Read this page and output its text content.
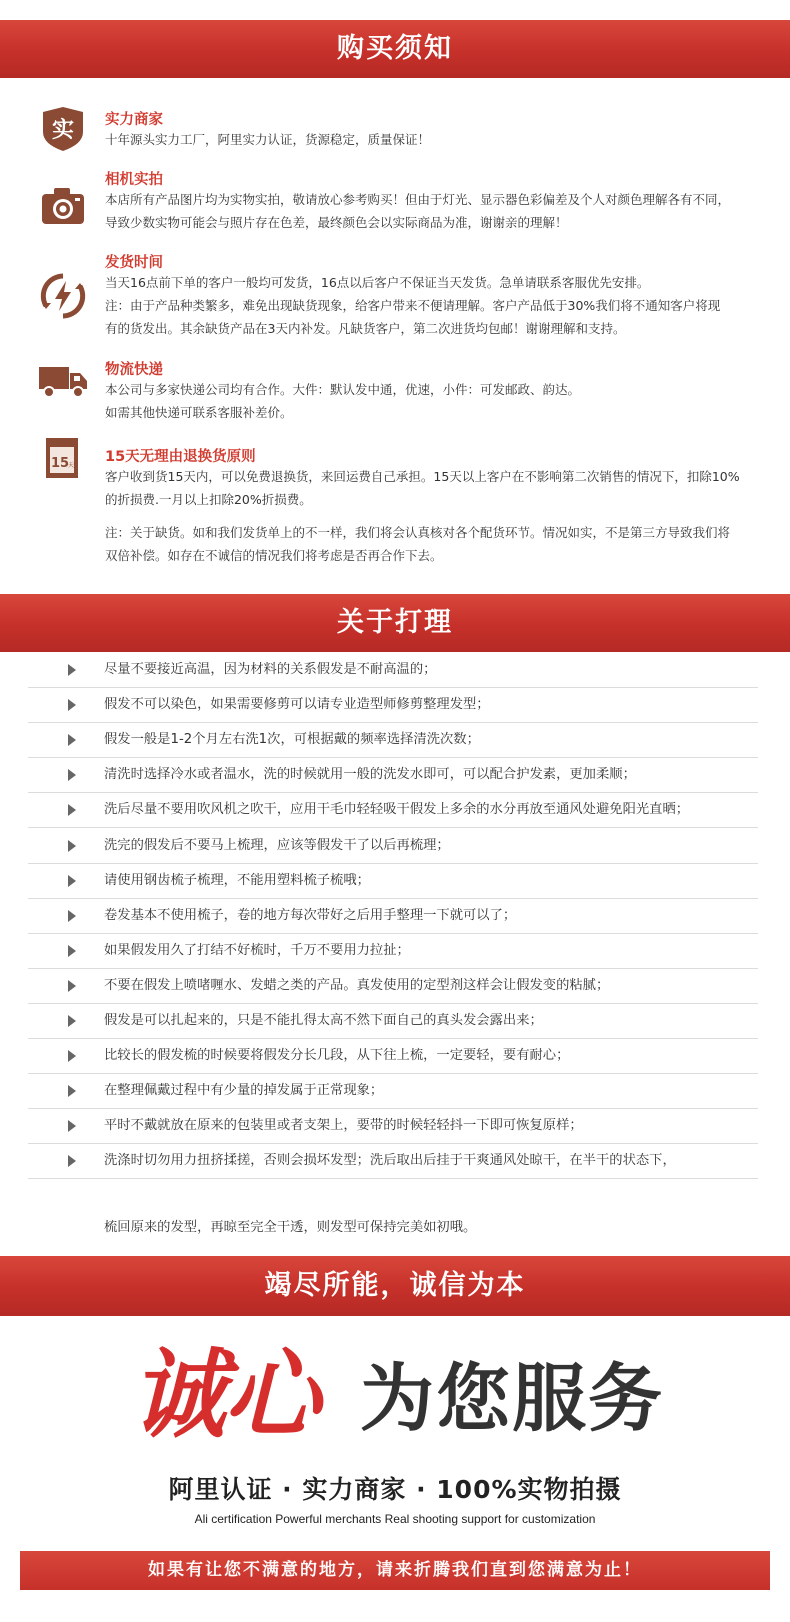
购买须知
实 实力商家
十年源头实力工厂，阿里实力认证，货源稳定，质量保证！
相机实拍
本店所有产品图片均为实物实拍，敬请放心参考购买！但由于灯光、显示器色彩偏差及个人对颜色理解各有不同，
导致少数实物可能会与照片存在色差，最终颜色会以实际商品为准，谢谢亲的理解！
发货时间
当天16点前下单的客户一般均可发货，16点以后客户不保证当天发货。急单请联系客服优先安排。
注：由于产品种类繁多，难免出现缺货现象，给客户带来不便请理解。客户产品低于30%我们将不通知客户将现
有的货发出。其余缺货产品在3天内补发。凡缺货客户，第二次进货均包邮！谢谢理解和支持。
物流快递
本公司与多家快递公司均有合作。大件：默认发中通，优速，小件：可发邮政、韵达。
如需其他快递可联系客服补差价。
15
天
15天无理由退换货原则
客户收到货15天内，可以免费退换货，来回运费自己承担。15天以上客户在不影响第二次销售的情况下，扣除10%
的折损费.一月以上扣除20%折损费。
注：关于缺货。如和我们发货单上的不一样，我们将会认真核对各个配货环节。情况如实，不是第三方导致我们将
双倍补偿。如存在不诚信的情况我们将考虑是否再合作下去。
关于打理
尽量不要接近高温，因为材料的关系假发是不耐高温的；
假发不可以染色，如果需要修剪可以请专业造型师修剪整理发型；
假发一般是1-2个月左右洗1次，可根据戴的频率选择清洗次数；
清洗时选择冷水或者温水，洗的时候就用一般的洗发水即可，可以配合护发素，更加柔顺；
洗后尽量不要用吹风机之吹干，应用干毛巾轻轻吸干假发上多余的水分再放至通风处避免阳光直晒；
洗完的假发后不要马上梳理，应该等假发干了以后再梳理；
请使用钢齿梳子梳理，不能用塑料梳子梳哦；
卷发基本不使用梳子，卷的地方每次带好之后用手整理一下就可以了；
如果假发用久了打结不好梳时，千万不要用力拉扯；
不要在假发上喷啫喱水、发蜡之类的产品。真发使用的定型剂这样会让假发变的粘腻；
假发是可以扎起来的，只是不能扎得太高不然下面自己的真头发会露出来；
比较长的假发梳的时候要将假发分长几段，从下往上梳，一定要轻，要有耐心；
在整理佩戴过程中有少量的掉发属于正常现象；
平时不戴就放在原来的包装里或者支架上，要带的时候轻轻抖一下即可恢复原样；
洗涤时切勿用力扭挤揉搓，否则会损坏发型；洗后取出后挂于干爽通风处晾干，在半干的状态下，
梳回原来的发型，再晾至完全干透，则发型可保持完美如初哦。
竭尽所能，诚信为本
诚心 为您服务
阿里认证 · 实力商家 · 100%实物拍摄
Ali certification Powerful merchants Real shooting support for customization
如果有让您不满意的地方，请来折腾我们直到您满意为止！
